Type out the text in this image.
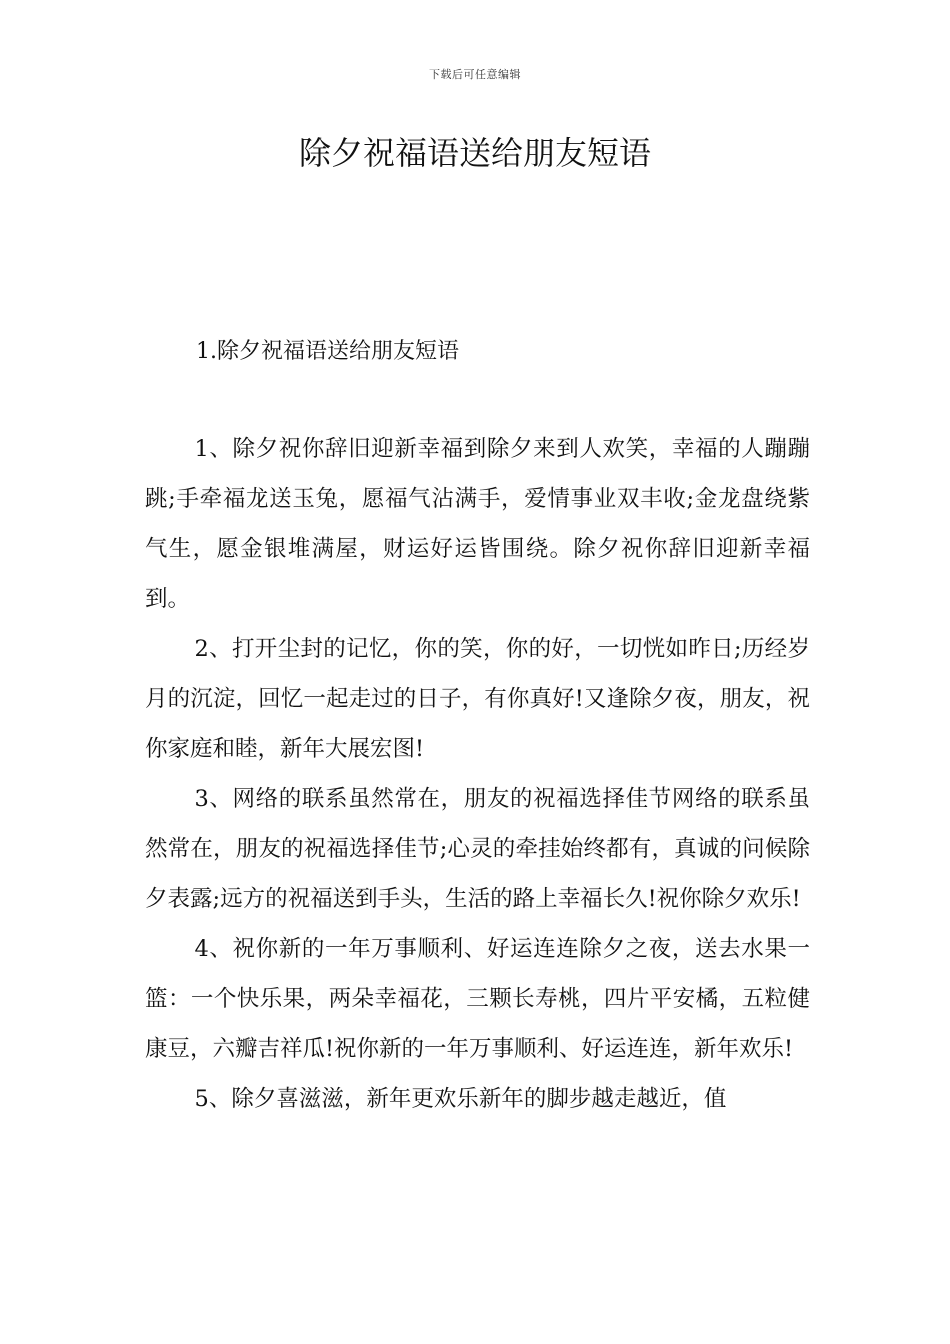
下载后可任意编辑
除夕祝福语送给朋友短语
1.除夕祝福语送给朋友短语

1、除夕祝你辞旧迎新幸福到除夕来到人欢笑，幸福的人蹦蹦跳;手牵福龙送玉兔，愿福气沾满手，爱情事业双丰收;金龙盘绕紫气生，愿金银堆满屋，财运好运皆围绕。除夕祝你辞旧迎新幸福到。

2、打开尘封的记忆，你的笑，你的好，一切恍如昨日;历经岁月的沉淀，回忆一起走过的日子，有你真好!又逢除夕夜，朋友，祝你家庭和睦，新年大展宏图!

3、网络的联系虽然常在，朋友的祝福选择佳节网络的联系虽然常在，朋友的祝福选择佳节;心灵的牵挂始终都有，真诚的问候除夕表露;远方的祝福送到手头，生活的路上幸福长久!祝你除夕欢乐!

4、祝你新的一年万事顺利、好运连连除夕之夜，送去水果一篮：一个快乐果，两朵幸福花，三颗长寿桃，四片平安橘，五粒健康豆，六瓣吉祥瓜!祝你新的一年万事顺利、好运连连，新年欢乐!

5、除夕喜滋滋，新年更欢乐新年的脚步越走越近，值
